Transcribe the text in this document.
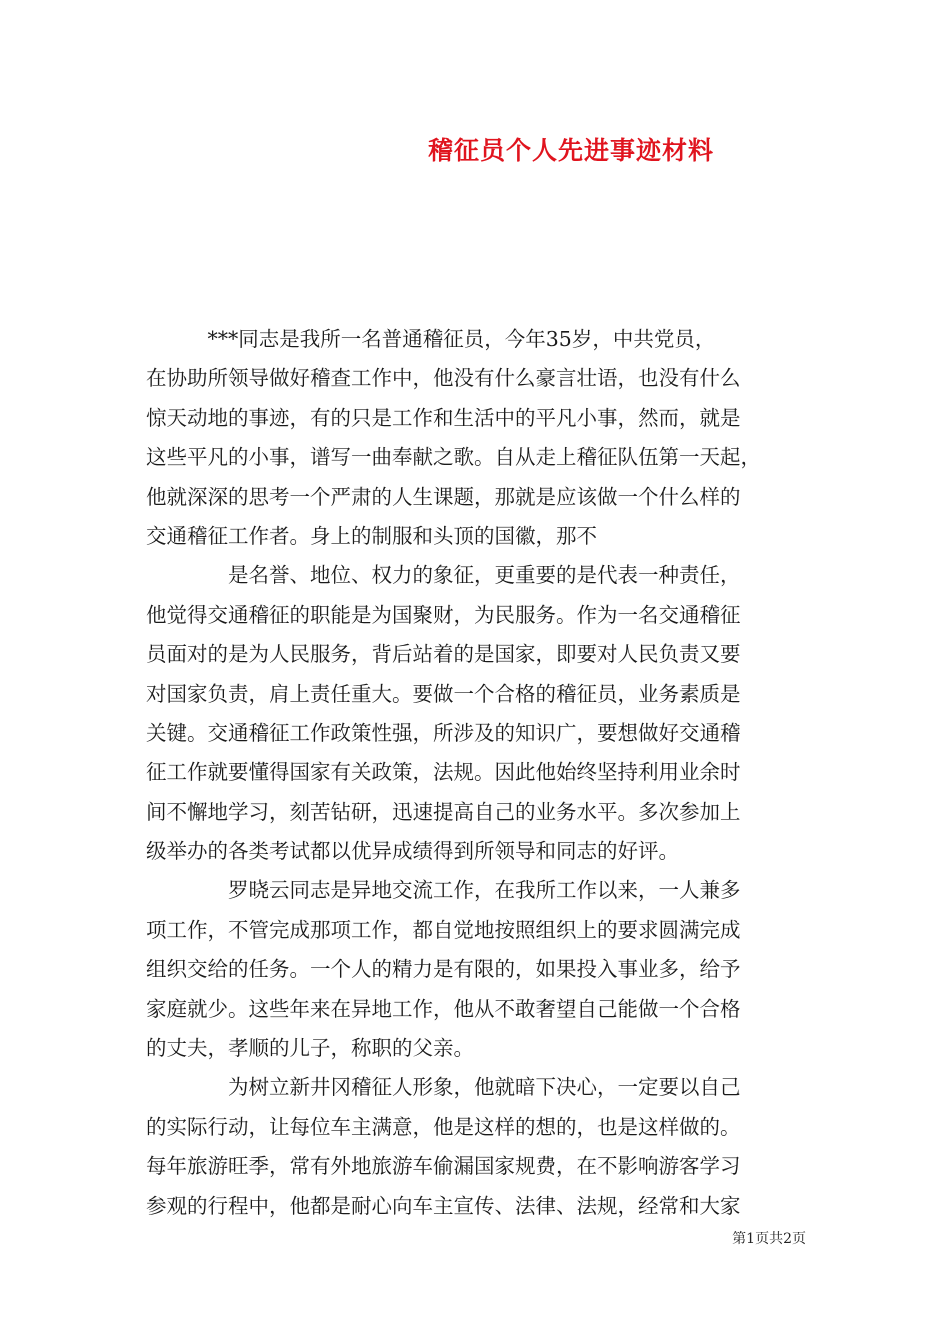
稽征员个人先进事迹材料
　　　***同志是我所一名普通稽征员，今年35岁，中共党员，
在协助所领导做好稽查工作中，他没有什么豪言壮语，也没有什么
惊天动地的事迹，有的只是工作和生活中的平凡小事，然而，就是
这些平凡的小事，谱写一曲奉献之歌。自从走上稽征队伍第一天起，
他就深深的思考一个严肃的人生课题，那就是应该做一个什么样的
交通稽征工作者。身上的制服和头顶的国徽，那不
　　　　是名誉、地位、权力的象征，更重要的是代表一种责任，
他觉得交通稽征的职能是为国聚财，为民服务。作为一名交通稽征
员面对的是为人民服务，背后站着的是国家，即要对人民负责又要
对国家负责，肩上责任重大。要做一个合格的稽征员，业务素质是
关键。交通稽征工作政策性强，所涉及的知识广，要想做好交通稽
征工作就要懂得国家有关政策，法规。因此他始终坚持利用业余时
间不懈地学习，刻苦钻研，迅速提高自己的业务水平。多次参加上
级举办的各类考试都以优异成绩得到所领导和同志的好评。
　　　　罗晓云同志是异地交流工作，在我所工作以来，一人兼多
项工作，不管完成那项工作，都自觉地按照组织上的要求圆满完成
组织交给的任务。一个人的精力是有限的，如果投入事业多，给予
家庭就少。这些年来在异地工作，他从不敢奢望自己能做一个合格
的丈夫，孝顺的儿子，称职的父亲。
　　　　为树立新井冈稽征人形象，他就暗下决心，一定要以自己
的实际行动，让每位车主满意，他是这样的想的，也是这样做的。
每年旅游旺季，常有外地旅游车偷漏国家规费，在不影响游客学习
参观的行程中，他都是耐心向车主宣传、法律、法规，经常和大家
第1页共2页
